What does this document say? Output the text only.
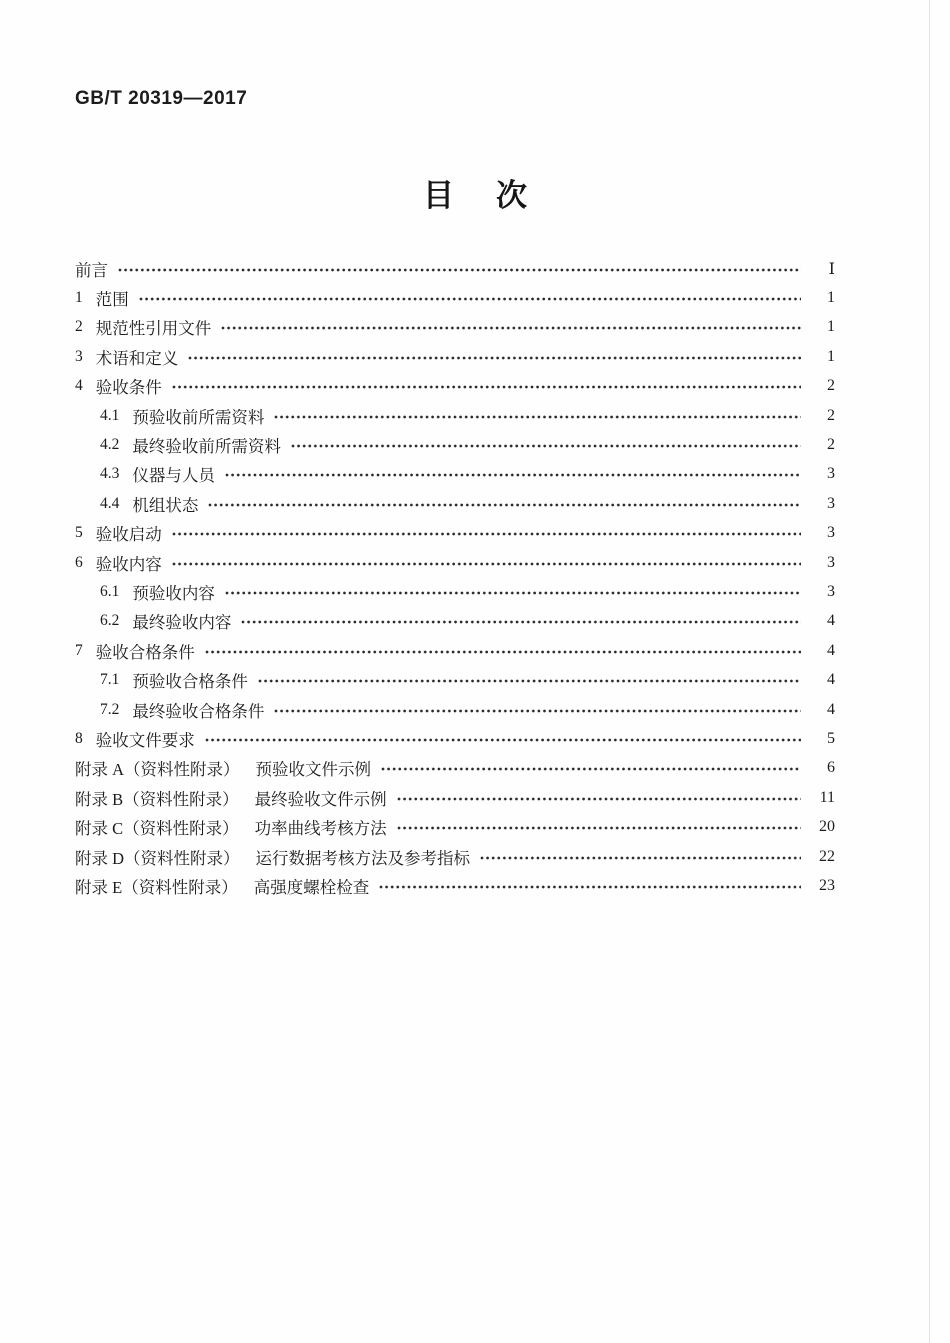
GB/T 20319—2017
目 次
前言	Ⅰ
1 范围	1
2 规范性引用文件	1
3 术语和定义	1
4 验收条件	2
4.1 预验收前所需资料	2
4.2 最终验收前所需资料	2
4.3 仪器与人员	3
4.4 机组状态	3
5 验收启动	3
6 验收内容	3
6.1 预验收内容	3
6.2 最终验收内容	4
7 验收合格条件	4
7.1 预验收合格条件	4
7.2 最终验收合格条件	4
8 验收文件要求	5
附录 A（资料性附录） 预验收文件示例	6
附录 B（资料性附录） 最终验收文件示例	11
附录 C（资料性附录） 功率曲线考核方法	20
附录 D（资料性附录） 运行数据考核方法及参考指标	22
附录 E（资料性附录） 高强度螺栓检查	23
